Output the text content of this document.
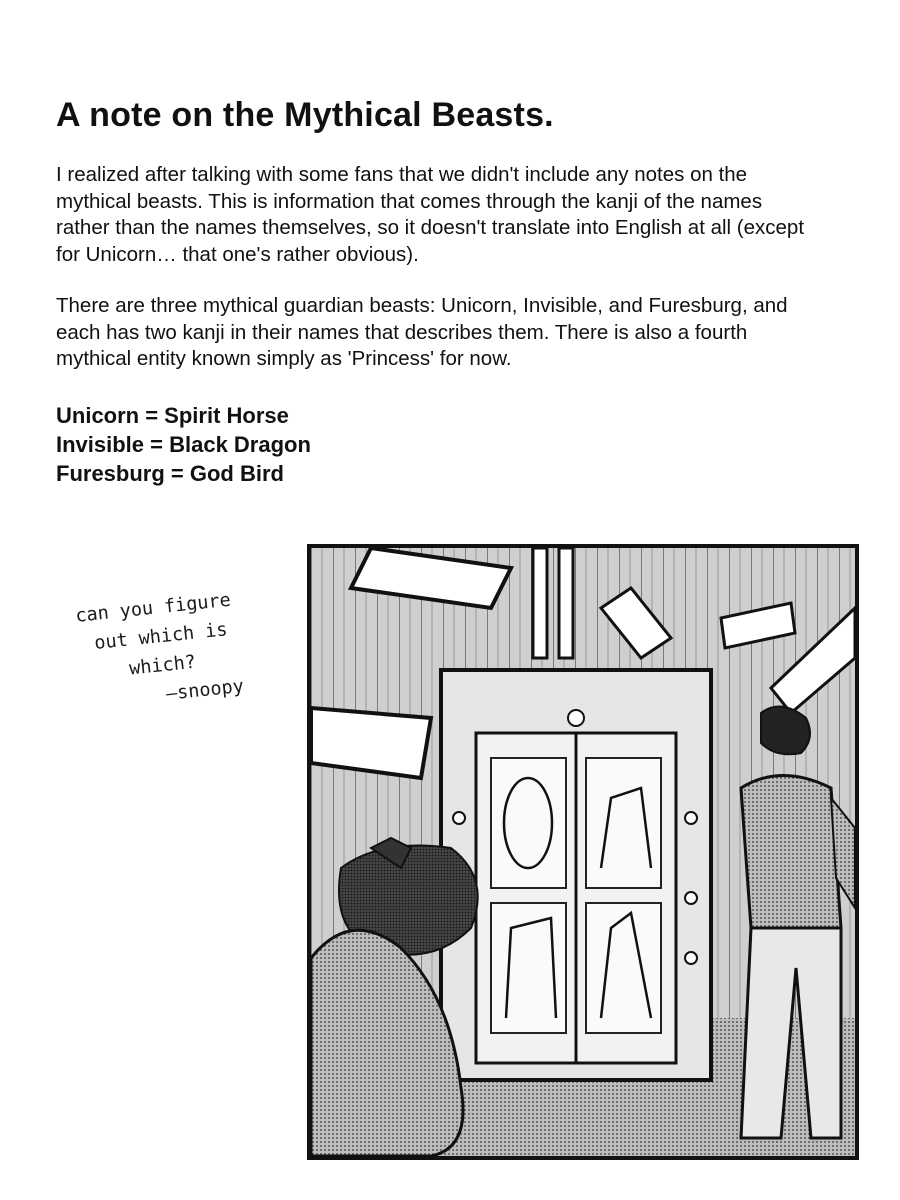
A note on the Mythical Beasts.

I realized after talking with some fans that we didn't include any notes on the mythical beasts. This is information that comes through the kanji of the names rather than the names themselves, so it doesn't translate into English at all (except for Unicorn… that one's rather obvious).

There are three mythical guardian beasts: Unicorn, Invisible, and Furesburg, and each has two kanji in their names that describes them. There is also a fourth mythical entity known simply as 'Princess' for now.

Unicorn = Spirit Horse
Invisible = Black Dragon
Furesburg = God Bird
can you figure
out which is
which?
—snoopy
